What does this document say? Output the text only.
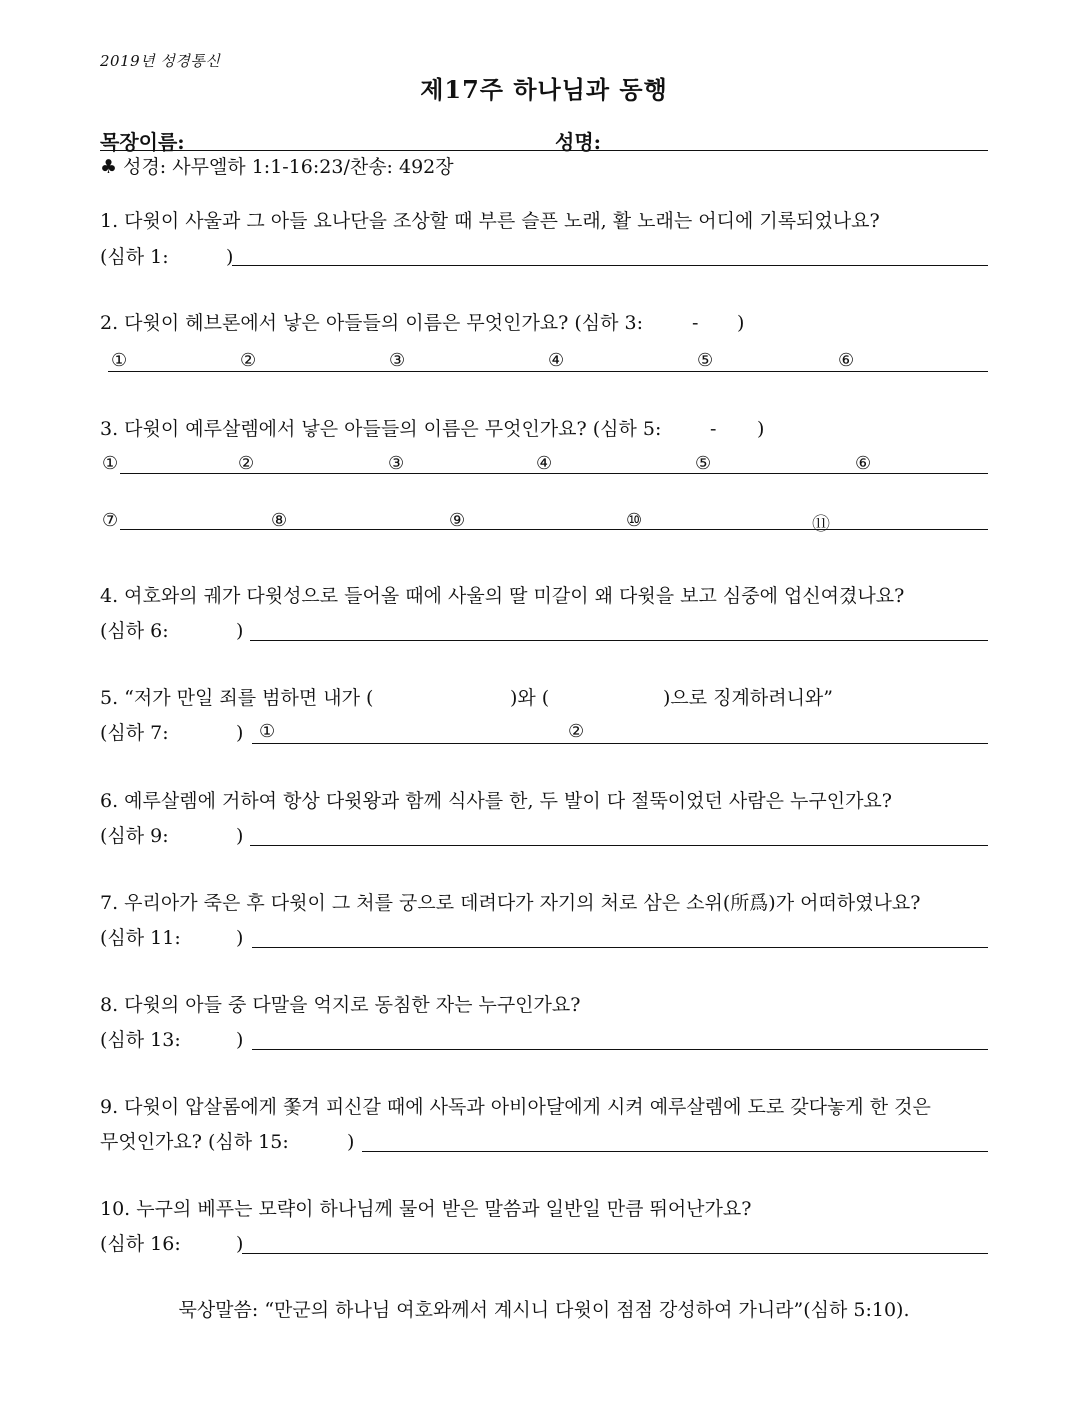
2019년 성경통신
제17주 하나님과 동행
목장이름:	성명:
♣ 성경: 사무엘하 1:1-16:23/찬송: 492장
1. 다윗이 사울과 그 아들 요나단을 조상할 때 부른 슬픈 노래, 활 노래는 어디에 기록되었나요?
(심하 1:	)
2. 다윗이 헤브론에서 낳은 아들들의 이름은 무엇인가요? (심하 3:	- )
①	②	③	④	⑤	⑥
3. 다윗이 예루살렘에서 낳은 아들들의 이름은 무엇인가요? (심하 5:	- )
①	②	③	④	⑤	⑥
⑦	⑧	⑨	⑩	⑪
4. 여호와의 궤가 다윗성으로 들어올 때에 사울의 딸 미갈이 왜 다윗을 보고 심중에 업신여겼나요?
(심하 6:	)
5. “저가 만일 죄를 범하면 내가 (	)와 (	)으로 징계하려니와”
(심하 7:	) ①	②
6. 예루살렘에 거하여 항상 다윗왕과 함께 식사를 한, 두 발이 다 절뚝이었던 사람은 누구인가요?
(심하 9:	)
7. 우리아가 죽은 후 다윗이 그 처를 궁으로 데려다가 자기의 처로 삼은 소위(所爲)가 어떠하였나요?
(심하 11:	)
8. 다윗의 아들 중 다말을 억지로 동침한 자는 누구인가요?
(심하 13:	)
9. 다윗이 압살롬에게 쫓겨 피신갈 때에 사독과 아비아달에게 시켜 예루살렘에 도로 갖다놓게 한 것은
무엇인가요? (심하 15:	)
10. 누구의 베푸는 모략이 하나님께 물어 받은 말씀과 일반일 만큼 뛰어난가요?
(심하 16:	)
묵상말씀: “만군의 하나님 여호와께서 계시니 다윗이 점점 강성하여 가니라”(심하 5:10).
